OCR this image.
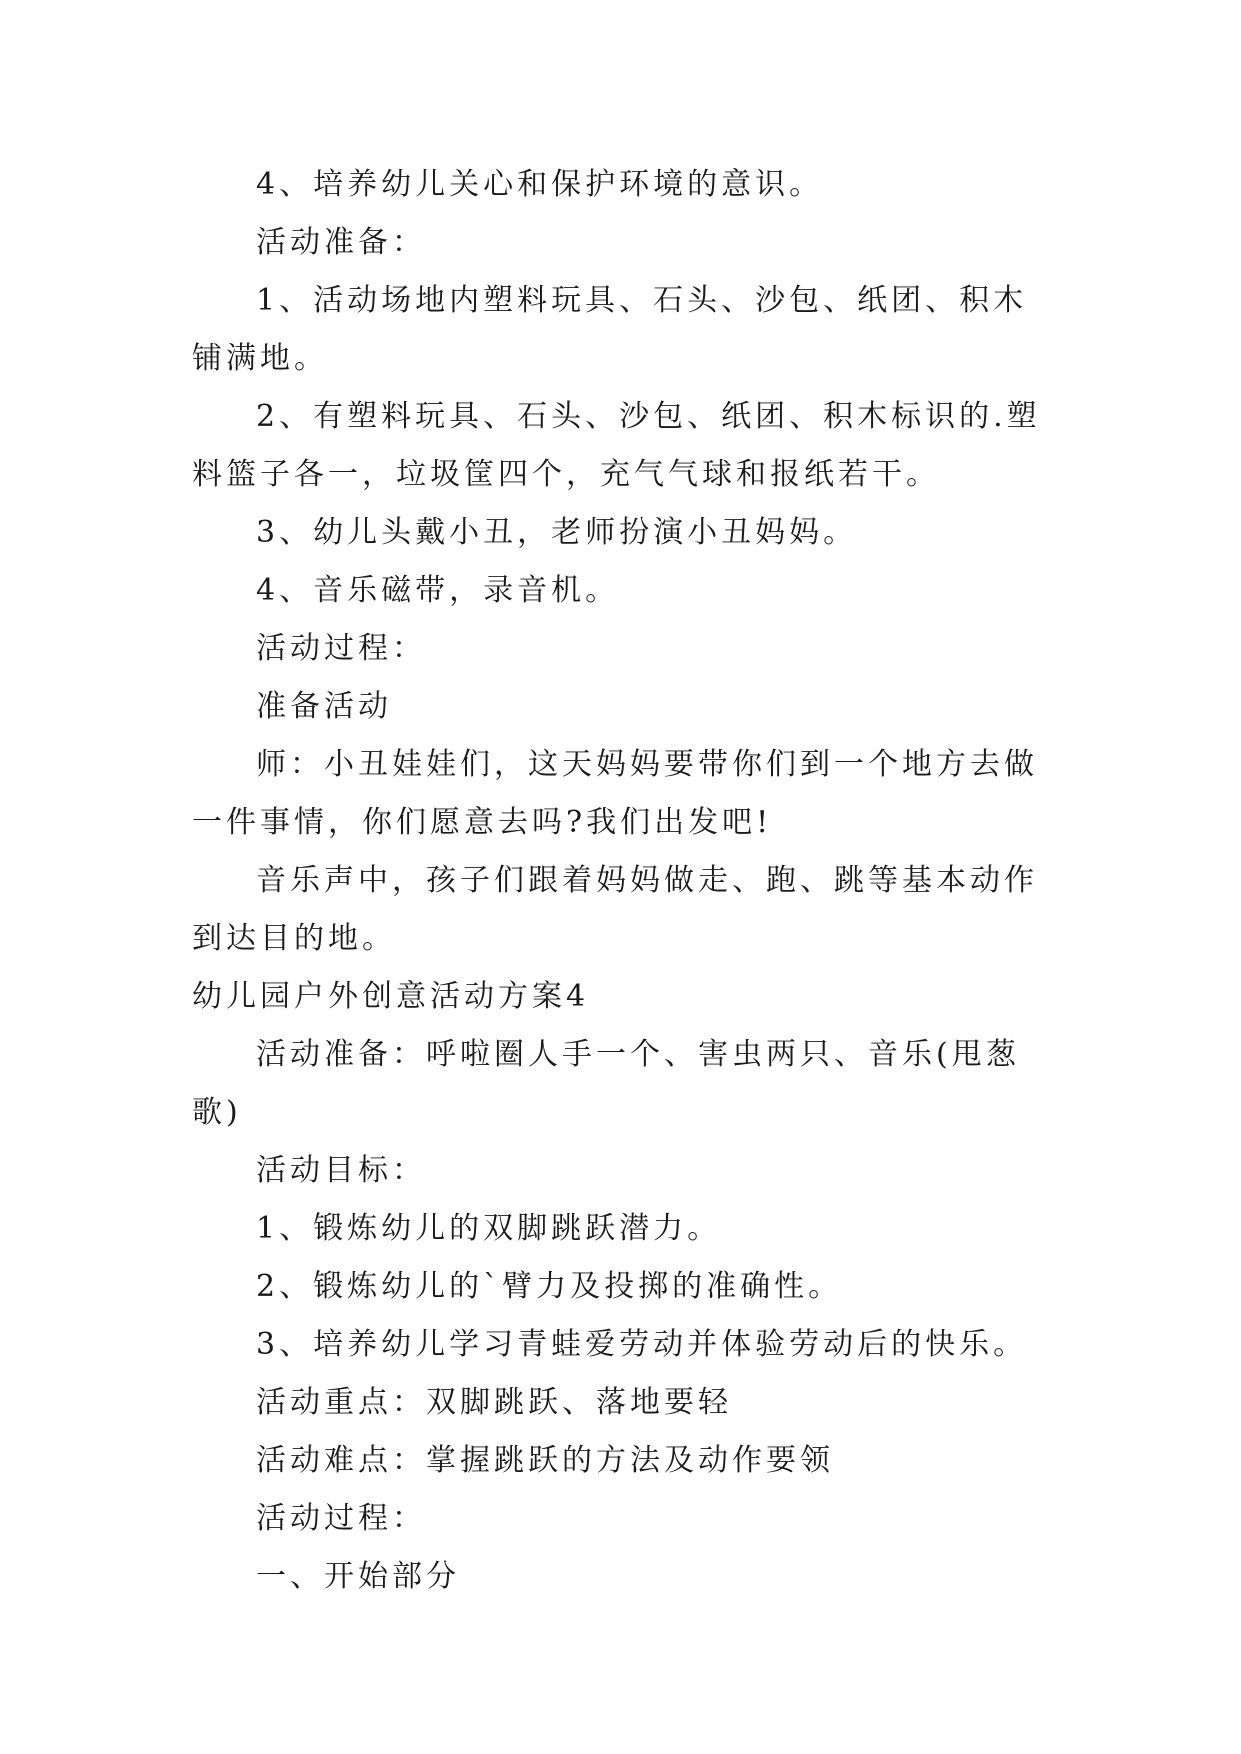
4、培养幼儿关心和保护环境的意识。

活动准备：

1、活动场地内塑料玩具、石头、沙包、纸团、积木铺满地。

2、有塑料玩具、石头、沙包、纸团、积木标识的.塑料篮子各一，垃圾筐四个，充气气球和报纸若干。

3、幼儿头戴小丑，老师扮演小丑妈妈。

4、音乐磁带，录音机。

活动过程：

准备活动

师：小丑娃娃们，这天妈妈要带你们到一个地方去做一件事情，你们愿意去吗?我们出发吧!

音乐声中，孩子们跟着妈妈做走、跑、跳等基本动作到达目的地。

幼儿园户外创意活动方案4

活动准备：呼啦圈人手一个、害虫两只、音乐(甩葱歌)

活动目标：

1、锻炼幼儿的双脚跳跃潜力。

2、锻炼幼儿的`臂力及投掷的准确性。

3、培养幼儿学习青蛙爱劳动并体验劳动后的快乐。

活动重点：双脚跳跃、落地要轻

活动难点：掌握跳跃的方法及动作要领

活动过程：

一、开始部分
